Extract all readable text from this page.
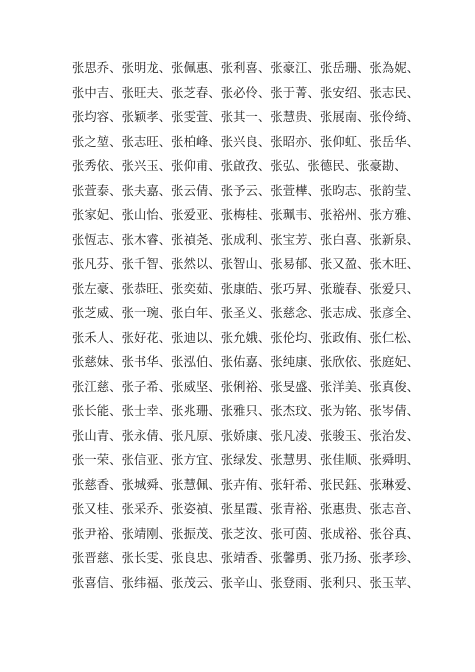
张思乔、张明龙、张佩惠、张利喜、张豪江、张岳珊、张為妮、
张中吉、张旺夫、张芝春、张必伶、张于菁、张安绍、张志民、
张均容、张颖孝、张雯萱、张其一、张慧贵、张展南、张伶绮、
张之堃、张志旺、张柏峰、张兴良、张昭亦、张仰虹、张岳华、
张秀依、张兴玉、张仰甫、张啟孜、张弘、张德民、张豪勘、
张萱泰、张夫嘉、张云倩、张予云、张萱樺、张昀志、张韵莹、
张家妃、张山怡、张爱亚、张梅桂、张珮韦、张裕州、张方雅、
张恆志、张木睿、张禎尧、张成利、张宝芳、张白喜、张新泉、
张凡芬、张千智、张然以、张智山、张易郁、张又盈、张木旺、
张左豪、张恭旺、张奕茹、张康皓、张巧昇、张璇春、张爱只、
张芝威、张一琬、张白年、张圣义、张慈念、张志成、张彦全、
张禾人、张好花、张迪以、张允娥、张伦均、张政侑、张仁松、
张慈妹、张书华、张泓伯、张佑嘉、张纯康、张欣依、张庭妃、
张江慈、张子希、张威坚、张俐裕、张旻盛、张洋美、张真俊、
张长能、张士幸、张兆珊、张雅只、张杰玟、张为铭、张岑倩、
张山青、张永倩、张凡原、张娇康、张凡凌、张骏玉、张治发、
张一荣、张信亚、张方宜、张绿发、张慧男、张佳顺、张舜明、
张慈香、张城舜、张慧佩、张卉侑、张轩希、张民鈺、张琳爱、
张又桂、张采乔、张姿禎、张星霞、张青裕、张惠贵、张志音、
张尹裕、张靖刚、张振茂、张芝汝、张可茵、张成裕、张谷真、
张晋慈、张长雯、张良忠、张靖香、张馨勇、张乃扬、张孝珍、
张喜信、张纬福、张茂云、张辛山、张登雨、张利只、张玉苹、
